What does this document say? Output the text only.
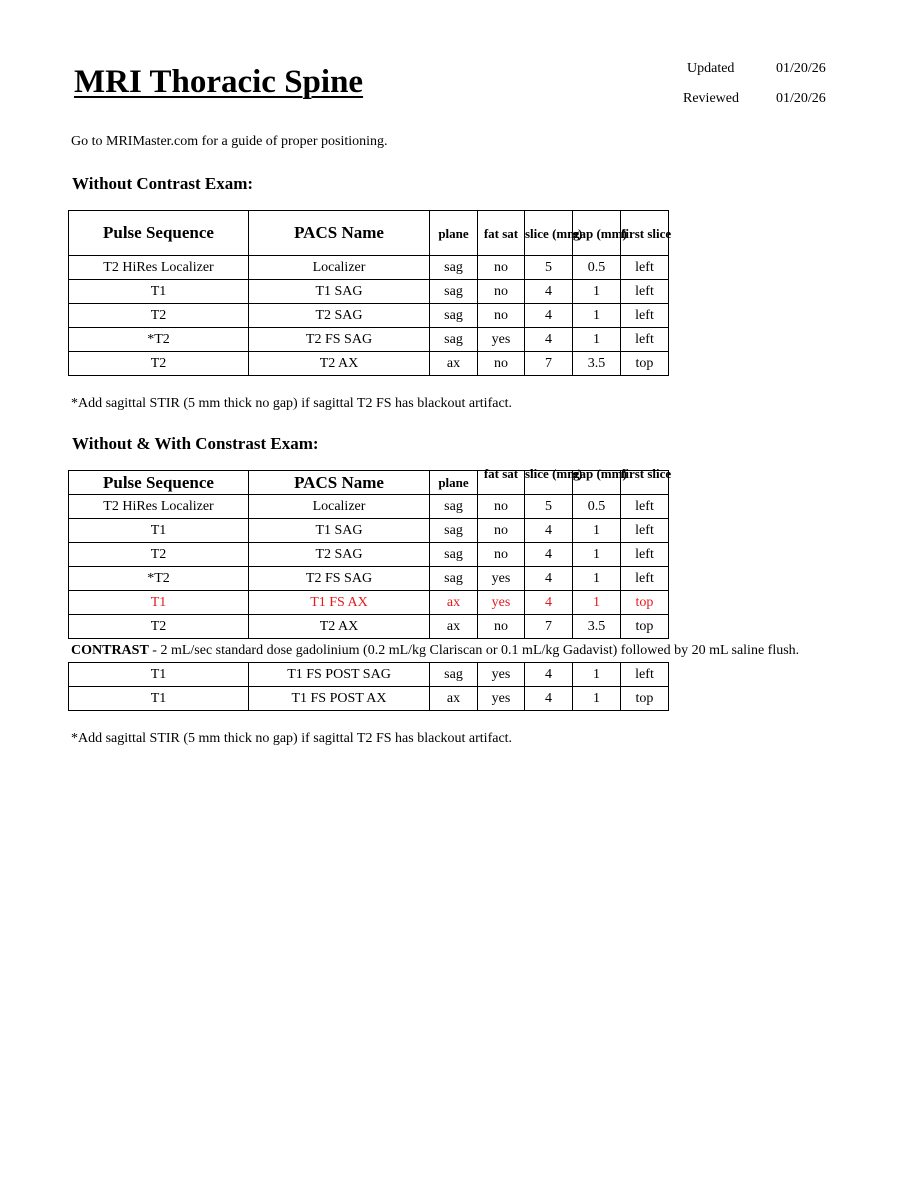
MRI Thoracic Spine	Updated	01/20/26
Reviewed	01/20/26
Go to MRIMaster.com for a guide of proper positioning.
Without Contrast Exam:
Pulse Sequence	PACS Name	plane	fat sat	slice (mm)	gap (mm)	first slice
T2 HiRes Localizer	Localizer	sag	no	5	0.5	left
T1	T1 SAG	sag	no	4	1	left
T2	T2 SAG	sag	no	4	1	left
*T2	T2 FS SAG	sag	yes	4	1	left
T2	T2 AX	ax	no	7	3.5	top
*Add sagittal STIR (5 mm thick no gap) if sagittal T2 FS has blackout artifact.
Without & With Constrast Exam:
Pulse Sequence	PACS Name	plane	fat sat	slice (mm)	gap (mm)	first slice

T2 HiRes Localizer	Localizer	sag	no	5	0.5	left
T1	T1 SAG	sag	no	4	1	left
T2	T2 SAG	sag	no	4	1	left
*T2	T2 FS SAG	sag	yes	4	1	left
T1	T1 FS AX	ax	yes	4	1	top
T2	T2 AX	ax	no	7	3.5	top
CONTRAST - 2 mL/sec standard dose gadolinium (0.2 mL/kg Clariscan or 0.1 mL/kg Gadavist) followed by 20 mL saline flush.
T1	T1 FS POST SAG	sag	yes	4	1	left
T1	T1 FS POST AX	ax	yes	4	1	top
*Add sagittal STIR (5 mm thick no gap) if sagittal T2 FS has blackout artifact.
